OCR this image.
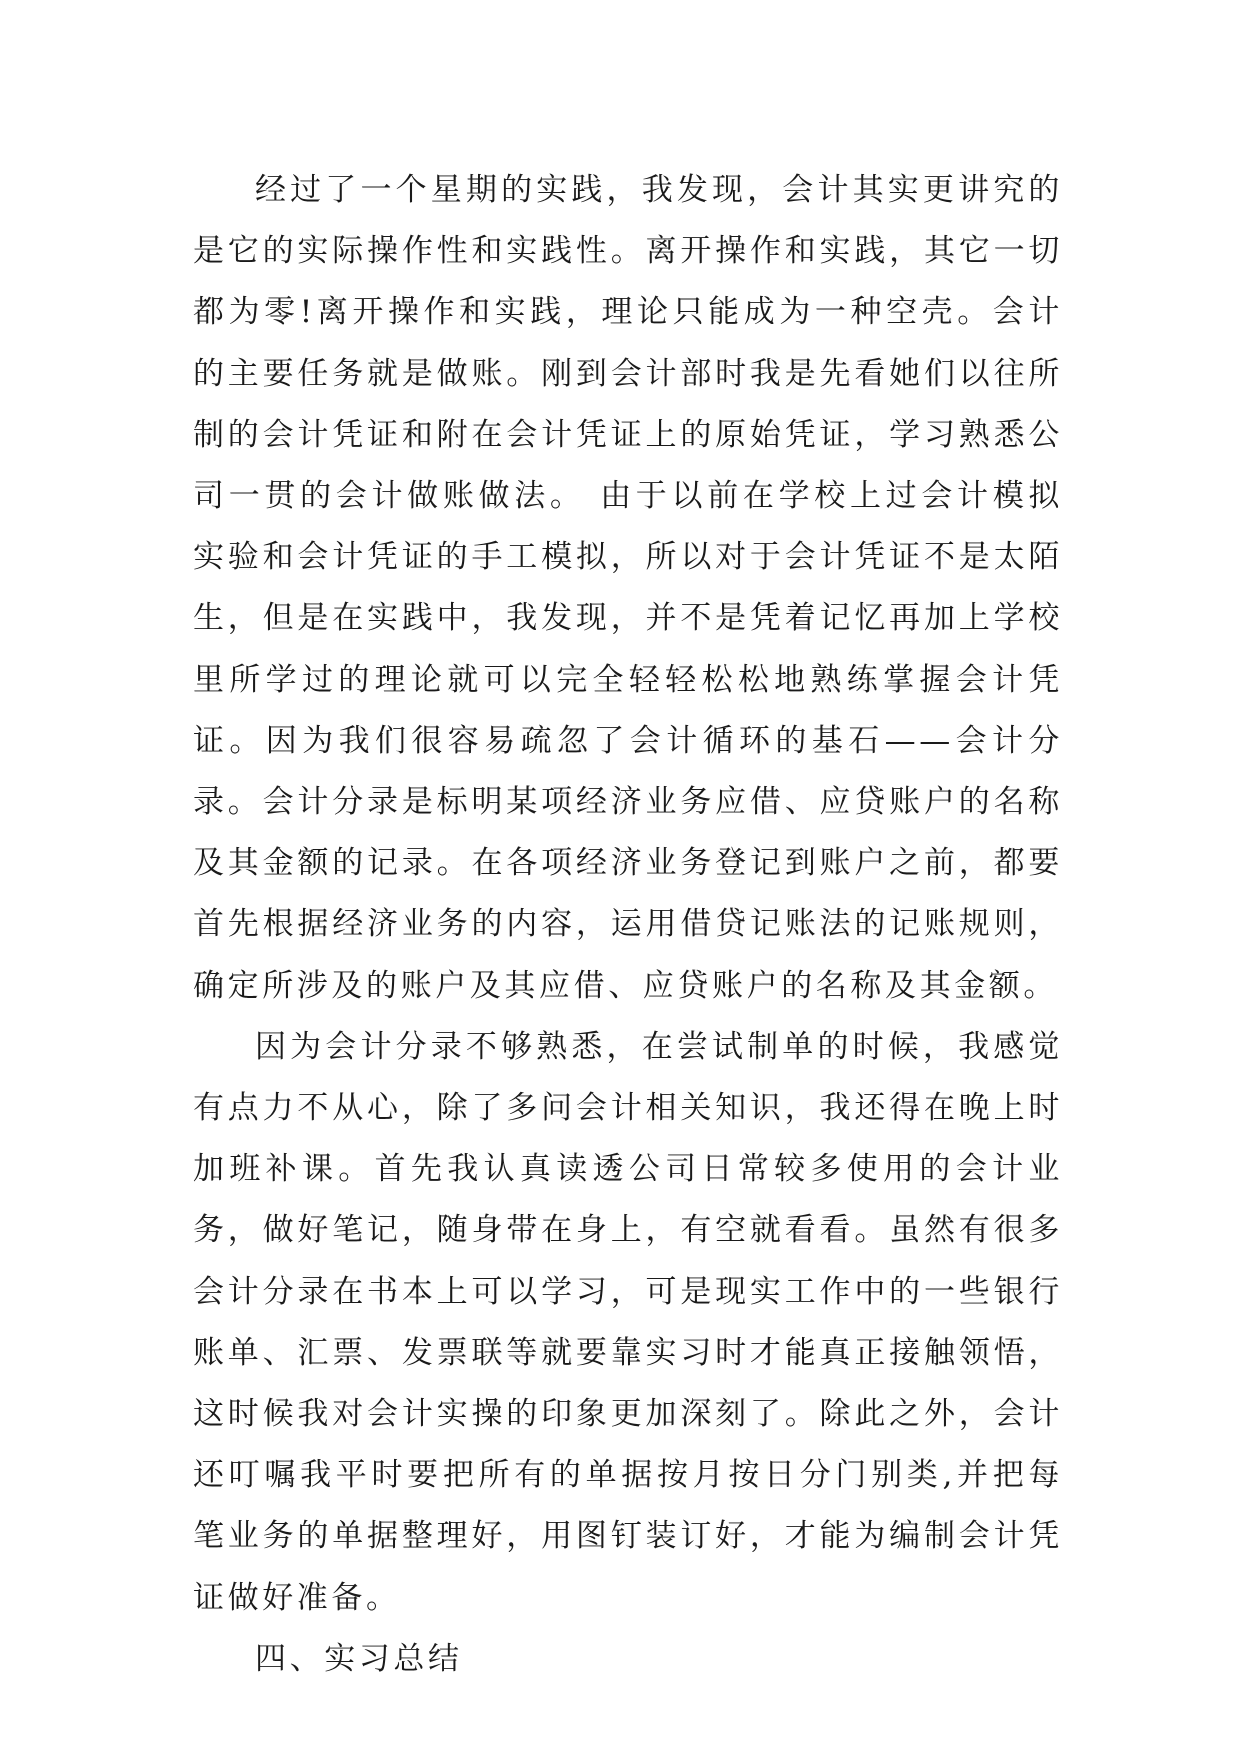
经过了一个星期的实践，我发现，会计其实更讲究的是它的实际操作性和实践性。离开操作和实践，其它一切都为零!离开操作和实践，理论只能成为一种空壳。会计的主要任务就是做账。刚到会计部时我是先看她们以往所制的会计凭证和附在会计凭证上的原始凭证，学习熟悉公司一贯的会计做账做法。 由于以前在学校上过会计模拟实验和会计凭证的手工模拟，所以对于会计凭证不是太陌生，但是在实践中，我发现，并不是凭着记忆再加上学校里所学过的理论就可以完全轻轻松松地熟练掌握会计凭证。因为我们很容易疏忽了会计循环的基石——会计分录。会计分录是标明某项经济业务应借、应贷账户的名称及其金额的记录。在各项经济业务登记到账户之前，都要首先根据经济业务的内容，运用借贷记账法的记账规则，确定所涉及的账户及其应借、应贷账户的名称及其金额。

因为会计分录不够熟悉，在尝试制单的时候，我感觉有点力不从心，除了多问会计相关知识，我还得在晚上时加班补课。首先我认真读透公司日常较多使用的会计业务，做好笔记，随身带在身上，有空就看看。虽然有很多会计分录在书本上可以学习，可是现实工作中的一些银行账单、汇票、发票联等就要靠实习时才能真正接触领悟，这时候我对会计实操的印象更加深刻了。除此之外，会计还叮嘱我平时要把所有的单据按月按日分门别类,并把每笔业务的单据整理好，用图钉装订好，才能为编制会计凭证做好准备。

四、实习总结
